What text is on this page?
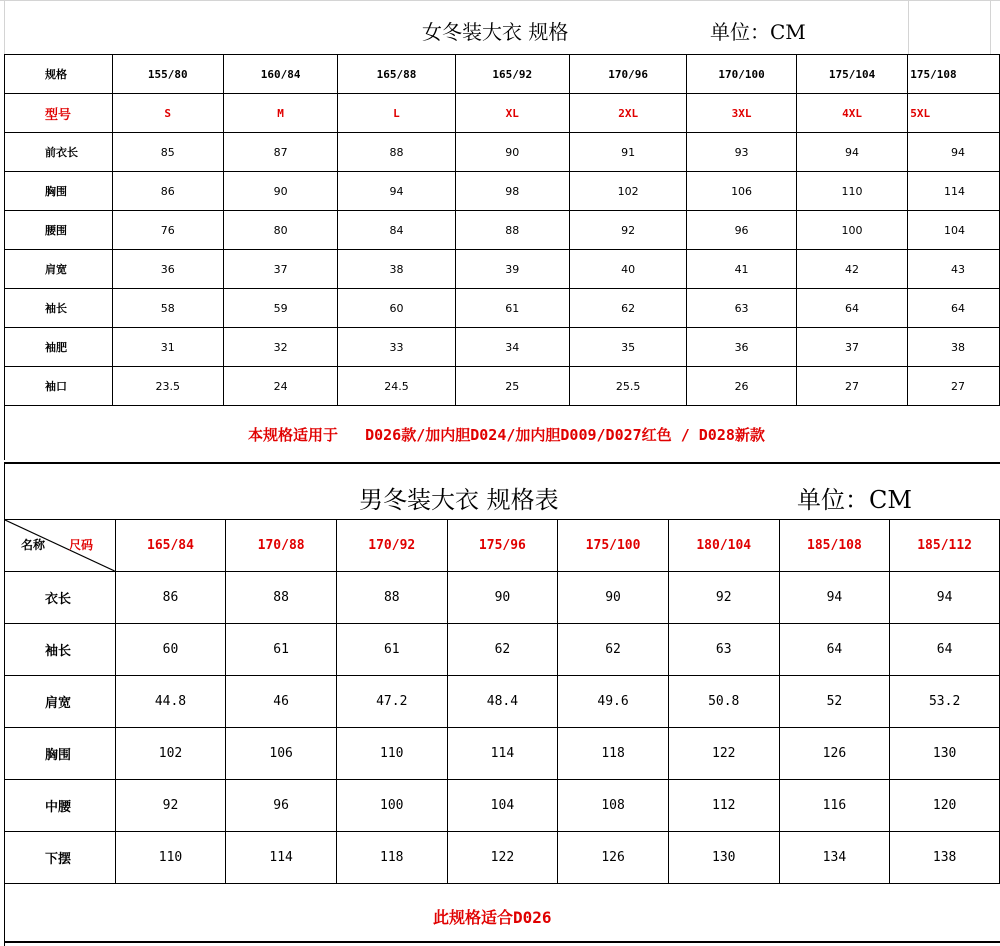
女冬装大衣 规格	单位：CM
规格	155/80	160/84	165/88	165/92	170/96	170/100	175/104	175/108
型号	S	M	L	XL	2XL	3XL	4XL	5XL
前衣长	85	87	88	90	91	93	94	94
胸围	86	90	94	98	102	106	110	114
腰围	76	80	84	88	92	96	100	104
肩宽	36	37	38	39	40	41	42	43
袖长	58	59	60	61	62	63	64	64
袖肥	31	32	33	34	35	36	37	38
袖口	23.5	24	24.5	25	25.5	26	27	27
本规格适用于   D026款/加内胆D024/加内胆D009/D027红色 / D028新款
男冬装大衣 规格表	单位：CM
名称 尺码	165/84	170/88	170/92	175/96	175/100	180/104	185/108	185/112
衣长	86	88	88	90	90	92	94	94
袖长	60	61	61	62	62	63	64	64
肩宽	44.8	46	47.2	48.4	49.6	50.8	52	53.2
胸围	102	106	110	114	118	122	126	130
中腰	92	96	100	104	108	112	116	120
下摆	110	114	118	122	126	130	134	138
此规格适合D026
